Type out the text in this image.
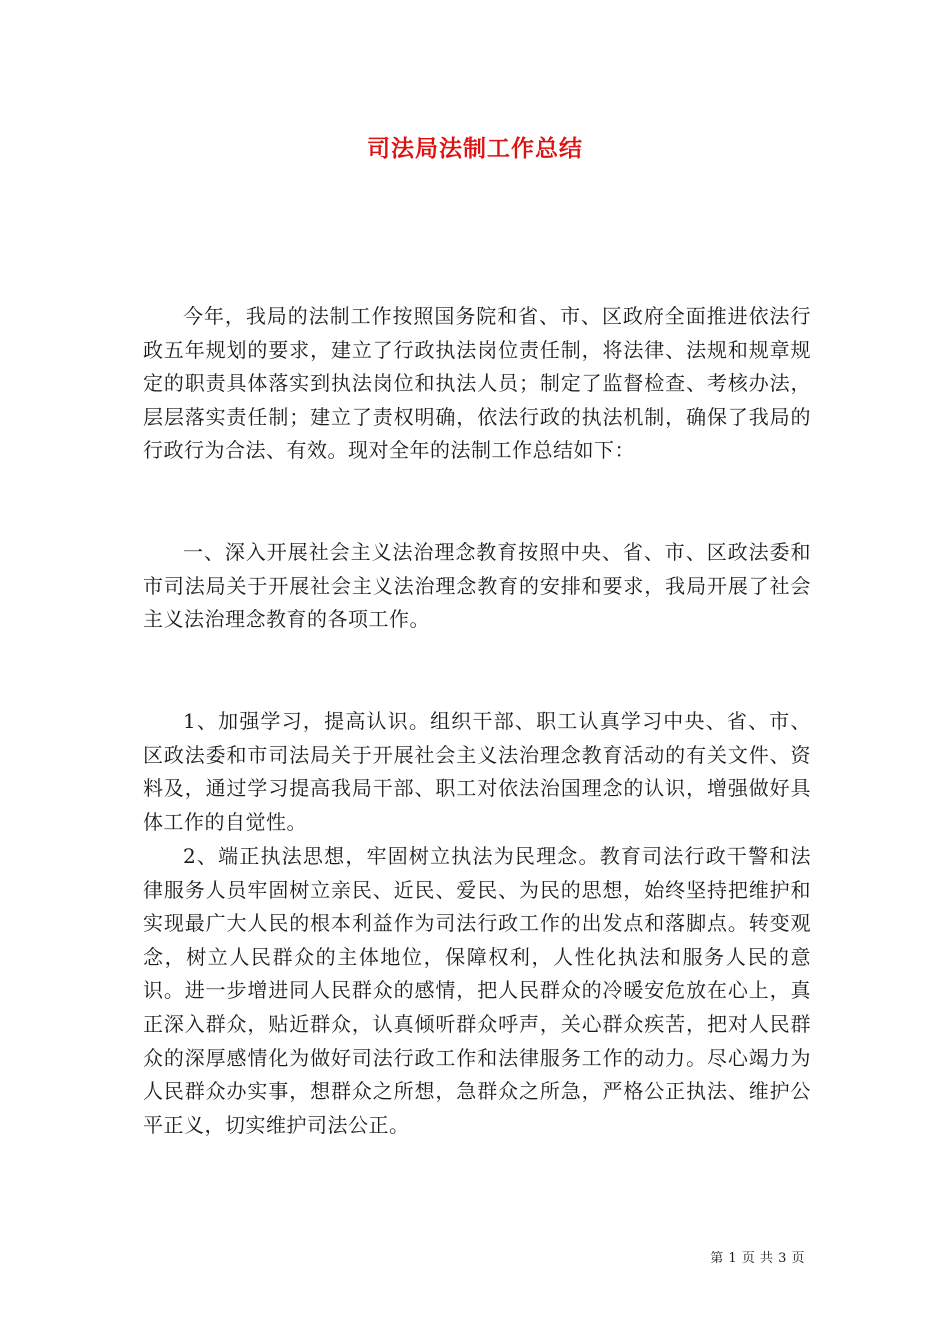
司法局法制工作总结

今年，我局的法制工作按照国务院和省、市、区政府全面推进依法行政五年规划的要求，建立了行政执法岗位责任制，将法律、法规和规章规定的职责具体落实到执法岗位和执法人员；制定了监督检查、考核办法，层层落实责任制；建立了责权明确，依法行政的执法机制，确保了我局的行政行为合法、有效。现对全年的法制工作总结如下：

一、深入开展社会主义法治理念教育按照中央、省、市、区政法委和市司法局关于开展社会主义法治理念教育的安排和要求，我局开展了社会主义法治理念教育的各项工作。

1、加强学习，提高认识。组织干部、职工认真学习中央、省、市、区政法委和市司法局关于开展社会主义法治理念教育活动的有关文件、资料及，通过学习提高我局干部、职工对依法治国理念的认识，增强做好具体工作的自觉性。

2、端正执法思想，牢固树立执法为民理念。教育司法行政干警和法律服务人员牢固树立亲民、近民、爱民、为民的思想，始终坚持把维护和实现最广大人民的根本利益作为司法行政工作的出发点和落脚点。转变观念，树立人民群众的主体地位，保障权利，人性化执法和服务人民的意识。进一步增进同人民群众的感情，把人民群众的冷暖安危放在心上，真正深入群众，贴近群众，认真倾听群众呼声，关心群众疾苦，把对人民群众的深厚感情化为做好司法行政工作和法律服务工作的动力。尽心竭力为人民群众办实事，想群众之所想，急群众之所急，严格公正执法、维护公平正义，切实维护司法公正。

第 1 页 共 3 页
